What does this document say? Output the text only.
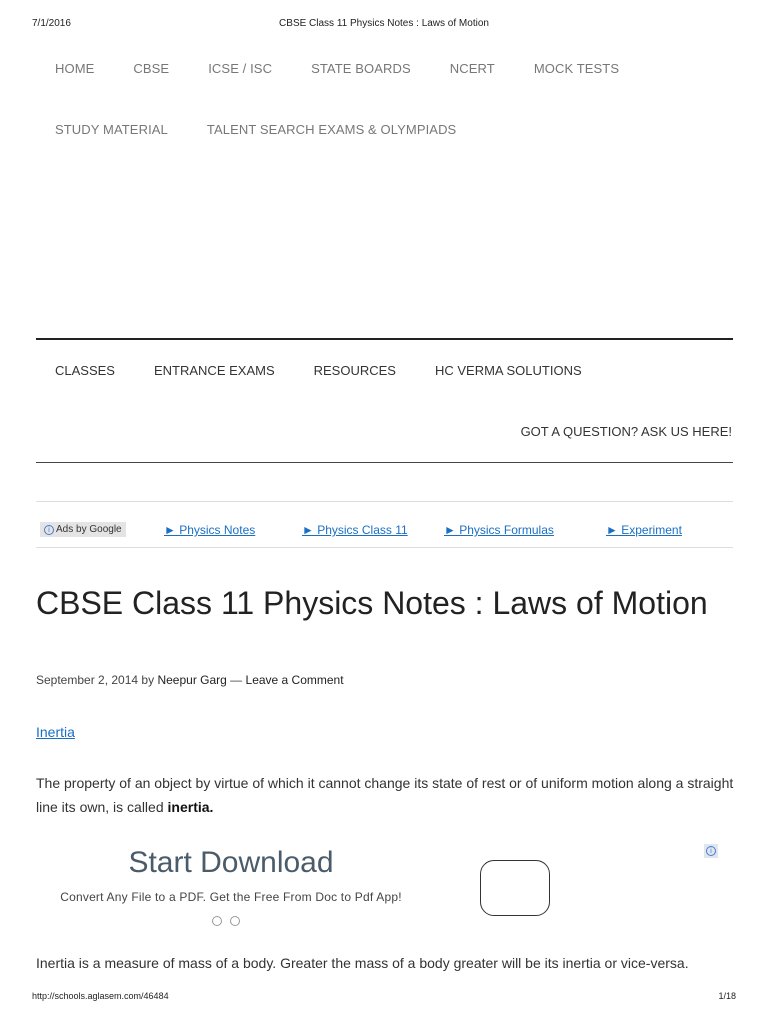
7/1/2016	CBSE Class 11 Physics Notes : Laws of Motion
HOME	CBSE	ICSE / ISC	STATE BOARDS	NCERT	MOCK TESTS
STUDY MATERIAL	TALENT SEARCH EXAMS & OLYMPIADS
CLASSES	ENTRANCE EXAMS	RESOURCES	HC VERMA SOLUTIONS
GOT A QUESTION? ASK US HERE!
i Ads by Google	► Physics Notes	► Physics Class 11	► Physics Formulas	► Experiment
CBSE Class 11 Physics Notes : Laws of Motion
September 2, 2014 by Neepur Garg — Leave a Comment
Inertia

The property of an object by virtue of which it cannot change its state of rest or of uniform motion along a straight line its own, is called inertia.

Start Download
Convert Any File to a PDF. Get the Free From Doc to Pdf App!
i

Inertia is a measure of mass of a body. Greater the mass of a body greater will be its inertia or vice-versa.

http://schools.aglasem.com/46484	1/18
